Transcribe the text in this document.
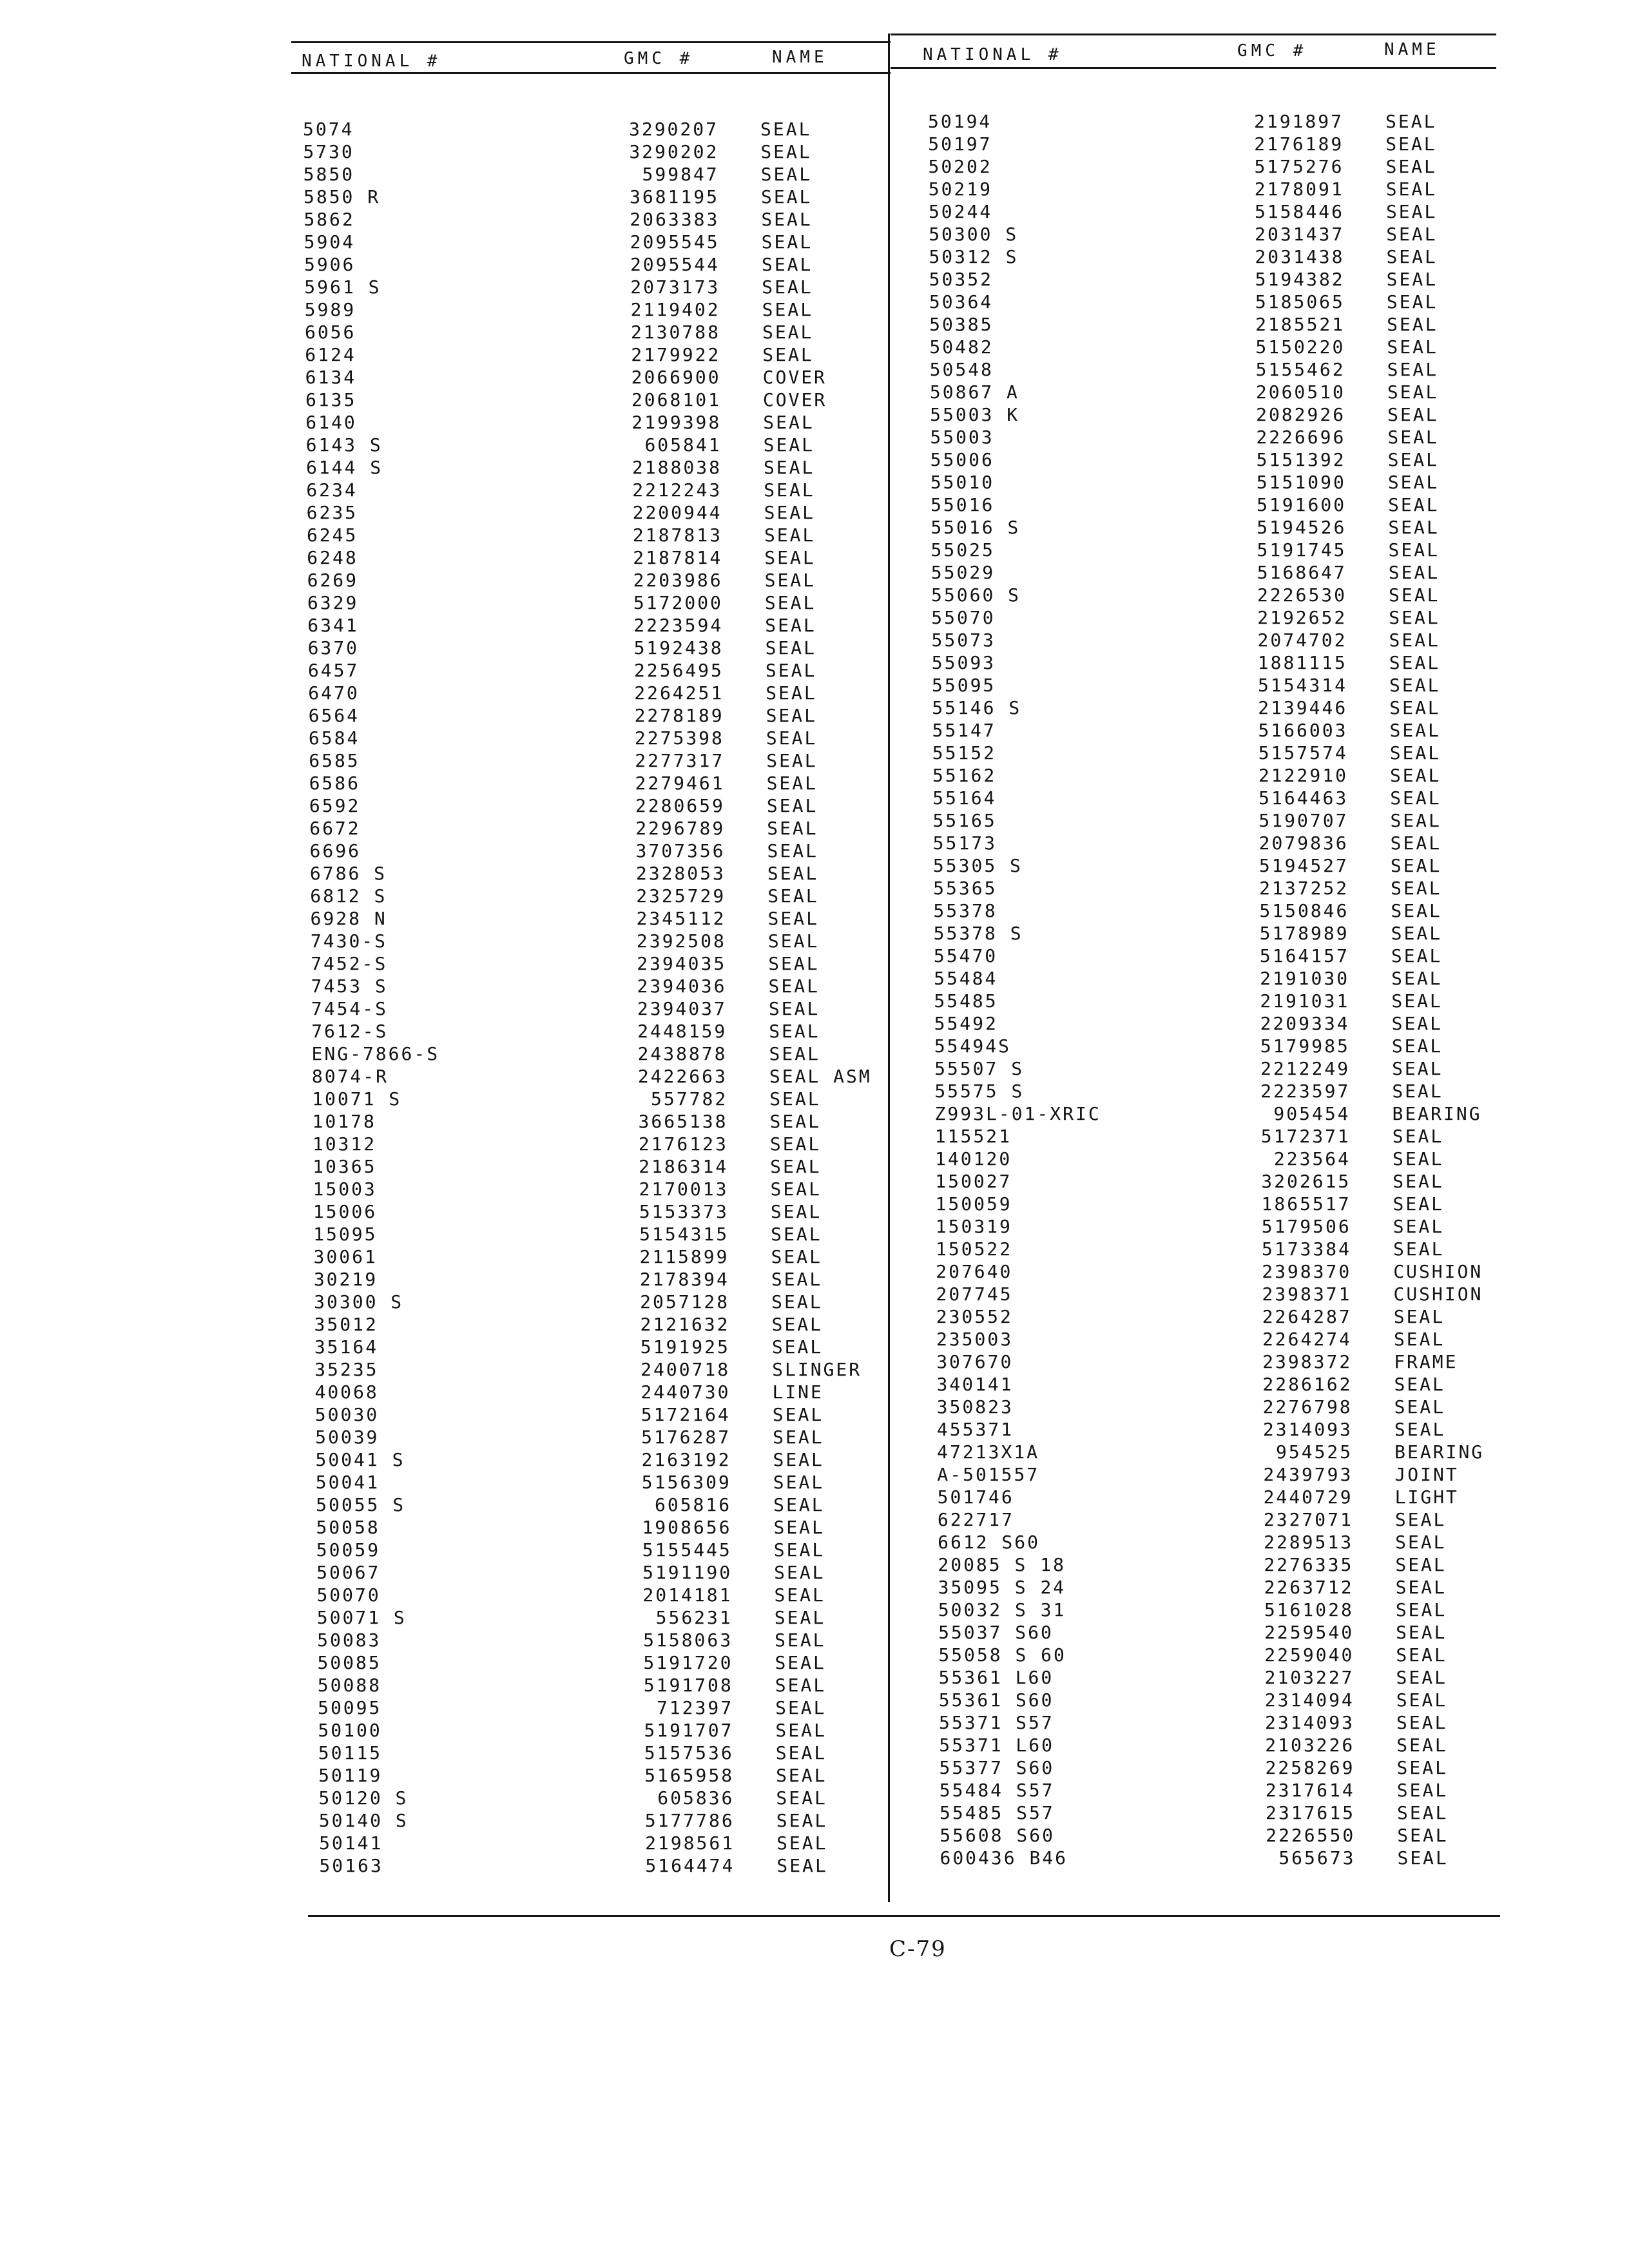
NATIONAL #	GMC #	NAME	NATIONAL #	GMC #	NAME
5074	3290207 SEAL
5730	3290202 SEAL
5850	599847 SEAL
5850 R	3681195 SEAL
5862	2063383 SEAL
5904	2095545 SEAL
5906	2095544 SEAL
5961 S	2073173 SEAL
5989	2119402 SEAL
6056	2130788 SEAL
6124	2179922 SEAL
6134	2066900 COVER
6135	2068101 COVER
6140	2199398 SEAL
6143 S	605841 SEAL
6144 S	2188038 SEAL
6234	2212243 SEAL
6235	2200944 SEAL
6245	2187813 SEAL
6248	2187814 SEAL
6269	2203986 SEAL
6329	5172000 SEAL
6341	2223594 SEAL
6370	5192438 SEAL
6457	2256495 SEAL
6470	2264251 SEAL
6564	2278189 SEAL
6584	2275398 SEAL
6585	2277317 SEAL
6586	2279461 SEAL
6592	2280659 SEAL
6672	2296789 SEAL
6696	3707356 SEAL
6786 S	2328053 SEAL
6812 S	2325729 SEAL
6928 N	2345112 SEAL
7430-S	2392508 SEAL
7452-S	2394035 SEAL
7453 S	2394036 SEAL
7454-S	2394037 SEAL
7612-S	2448159 SEAL
ENG-7866-S	2438878 SEAL
8074-R	2422663 SEAL ASM
10071 S	557782 SEAL
10178	3665138 SEAL
10312	2176123 SEAL
10365	2186314 SEAL
15003	2170013 SEAL
15006	5153373 SEAL
15095	5154315 SEAL
30061	2115899 SEAL
30219	2178394 SEAL
30300 S	2057128 SEAL
35012	2121632 SEAL
35164	5191925 SEAL
35235	2400718 SLINGER
40068	2440730 LINE
50030	5172164 SEAL
50039	5176287 SEAL
50041 S	2163192 SEAL
50041	5156309 SEAL
50055 S	605816 SEAL
50058	1908656 SEAL
50059	5155445 SEAL
50067	5191190 SEAL
50070	2014181 SEAL
50071 S	556231 SEAL
50083	5158063 SEAL
50085	5191720 SEAL
50088	5191708 SEAL
50095	712397 SEAL
50100	5191707 SEAL
50115	5157536 SEAL
50119	5165958 SEAL
50120 S	605836 SEAL
50140 S	5177786 SEAL
50141	2198561 SEAL
50163	5164474 SEAL
50194	2191897 SEAL
50197	2176189 SEAL
50202	5175276 SEAL
50219	2178091 SEAL
50244	5158446 SEAL
50300 S	2031437 SEAL
50312 S	2031438 SEAL
50352	5194382 SEAL
50364	5185065 SEAL
50385	2185521 SEAL
50482	5150220 SEAL
50548	5155462 SEAL
50867 A	2060510 SEAL
55003 K	2082926 SEAL
55003	2226696 SEAL
55006	5151392 SEAL
55010	5151090 SEAL
55016	5191600 SEAL
55016 S	5194526 SEAL
55025	5191745 SEAL
55029	5168647 SEAL
55060 S	2226530 SEAL
55070	2192652 SEAL
55073	2074702 SEAL
55093	1881115 SEAL
55095	5154314 SEAL
55146 S	2139446 SEAL
55147	5166003 SEAL
55152	5157574 SEAL
55162	2122910 SEAL
55164	5164463 SEAL
55165	5190707 SEAL
55173	2079836 SEAL
55305 S	5194527 SEAL
55365	2137252 SEAL
55378	5150846 SEAL
55378 S	5178989 SEAL
55470	5164157 SEAL
55484	2191030 SEAL
55485	2191031 SEAL
55492	2209334 SEAL
55494S	5179985 SEAL
55507 S	2212249 SEAL
55575 S	2223597 SEAL
Z993L-01-XRIC	905454 BEARING
115521	5172371 SEAL
140120	223564 SEAL
150027	3202615 SEAL
150059	1865517 SEAL
150319	5179506 SEAL
150522	5173384 SEAL
207640	2398370 CUSHION
207745	2398371 CUSHION
230552	2264287 SEAL
235003	2264274 SEAL
307670	2398372 FRAME
340141	2286162 SEAL
350823	2276798 SEAL
455371	2314093 SEAL
47213X1A	954525 BEARING
A-501557	2439793 JOINT
501746	2440729 LIGHT
622717	2327071 SEAL
6612 S60	2289513 SEAL
20085 S 18	2276335 SEAL
35095 S 24	2263712 SEAL
50032 S 31	5161028 SEAL
55037 S60	2259540 SEAL
55058 S 60	2259040 SEAL
55361 L60	2103227 SEAL
55361 S60	2314094 SEAL
55371 S57	2314093 SEAL
55371 L60	2103226 SEAL
55377 S60	2258269 SEAL
55484 S57	2317614 SEAL
55485 S57	2317615 SEAL
55608 S60	2226550 SEAL
600436 B46	565673 SEAL
C-79
